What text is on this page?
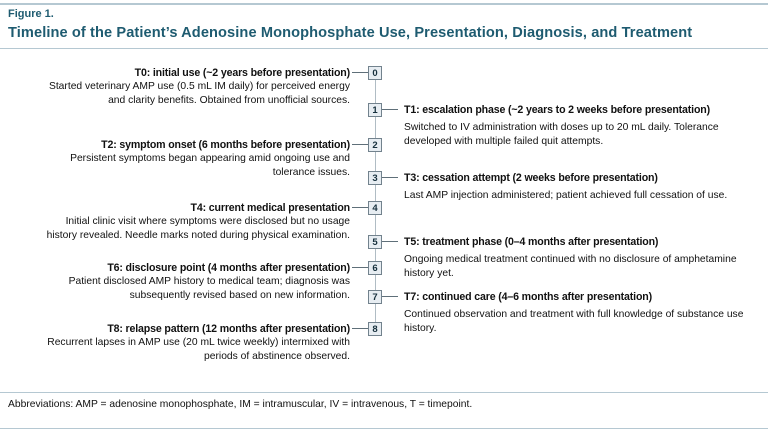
Figure 1.
Timeline of the Patient’s Adenosine Monophosphate Use, Presentation, Diagnosis, and Treatment
0
1
2
3
4
5
6
7
8
T0: initial use (~2 years before presentation)
Started veterinary AMP use (0.5 mL IM daily) for perceived energy and clarity benefits. Obtained from unofficial sources.
T1: escalation phase (~2 years to 2 weeks before presentation)
Switched to IV administration with doses up to 20 mL daily. Tolerance developed with multiple failed quit attempts.
T2: symptom onset (6 months before presentation)
Persistent symptoms began appearing amid ongoing use and tolerance issues.	T3: cessation attempt (2 weeks before presentation)
Last AMP injection administered; patient achieved full cessation of use.
T4: current medical presentation
Initial clinic visit where symptoms were disclosed but no usage history revealed. Needle marks noted during physical examination.
T5: treatment phase (0–4 months after presentation)
Ongoing medical treatment continued with no disclosure of amphetamine history yet.
T6: disclosure point (4 months after presentation)
Patient disclosed AMP history to medical team; diagnosis was subsequently revised based on new information.	T7: continued care (4–6 months after presentation)
Continued observation and treatment with full knowledge of substance use history.
T8: relapse pattern (12 months after presentation)
Recurrent lapses in AMP use (20 mL twice weekly) intermixed with periods of abstinence observed.
Abbreviations: AMP = adenosine monophosphate, IM = intramuscular, IV = intravenous, T = timepoint.
